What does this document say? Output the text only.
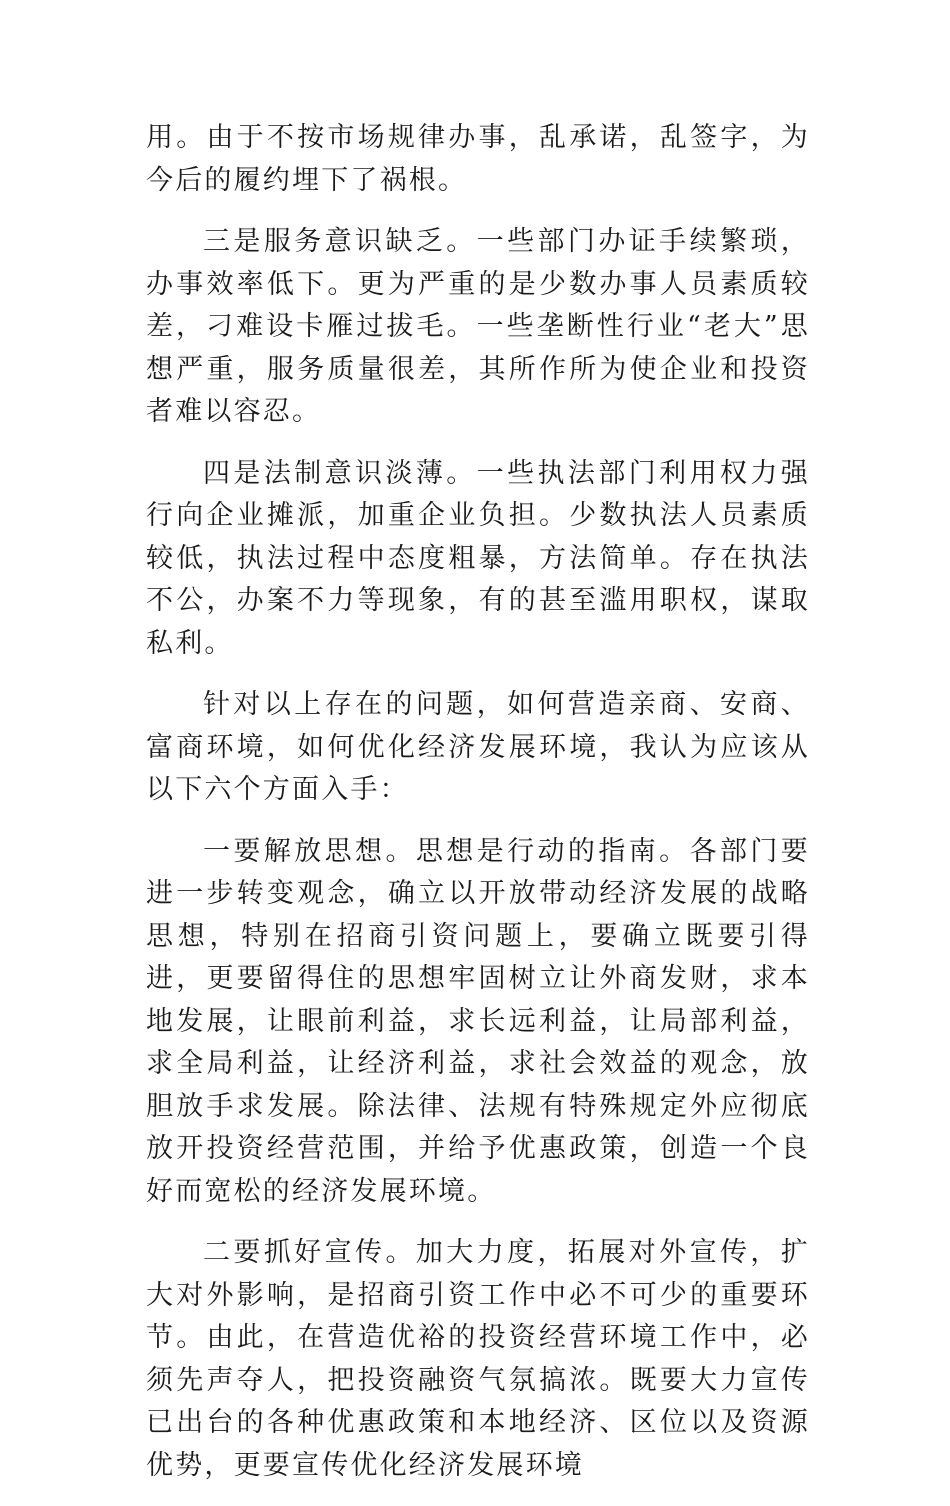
用。由于不按市场规律办事，乱承诺，乱签字，为今后的履约埋下了祸根。

三是服务意识缺乏。一些部门办证手续繁琐，办事效率低下。更为严重的是少数办事人员素质较差，刁难设卡雁过拔毛。一些垄断性行业“老大”思想严重，服务质量很差，其所作所为使企业和投资者难以容忍。

四是法制意识淡薄。一些执法部门利用权力强行向企业摊派，加重企业负担。少数执法人员素质较低，执法过程中态度粗暴，方法简单。存在执法不公，办案不力等现象，有的甚至滥用职权，谋取私利。

针对以上存在的问题，如何营造亲商、安商、富商环境，如何优化经济发展环境，我认为应该从以下六个方面入手：

一要解放思想。思想是行动的指南。各部门要进一步转变观念，确立以开放带动经济发展的战略思想，特别在招商引资问题上，要确立既要引得进，更要留得住的思想牢固树立让外商发财，求本地发展，让眼前利益，求长远利益，让局部利益，求全局利益，让经济利益，求社会效益的观念，放胆放手求发展。除法律、法规有特殊规定外应彻底放开投资经营范围，并给予优惠政策，创造一个良好而宽松的经济发展环境。

二要抓好宣传。加大力度，拓展对外宣传，扩大对外影响，是招商引资工作中必不可少的重要环节。由此，在营造优裕的投资经营环境工作中，必须先声夺人，把投资融资气氛搞浓。既要大力宣传已出台的各种优惠政策和本地经济、区位以及资源优势，更要宣传优化经济发展环境
